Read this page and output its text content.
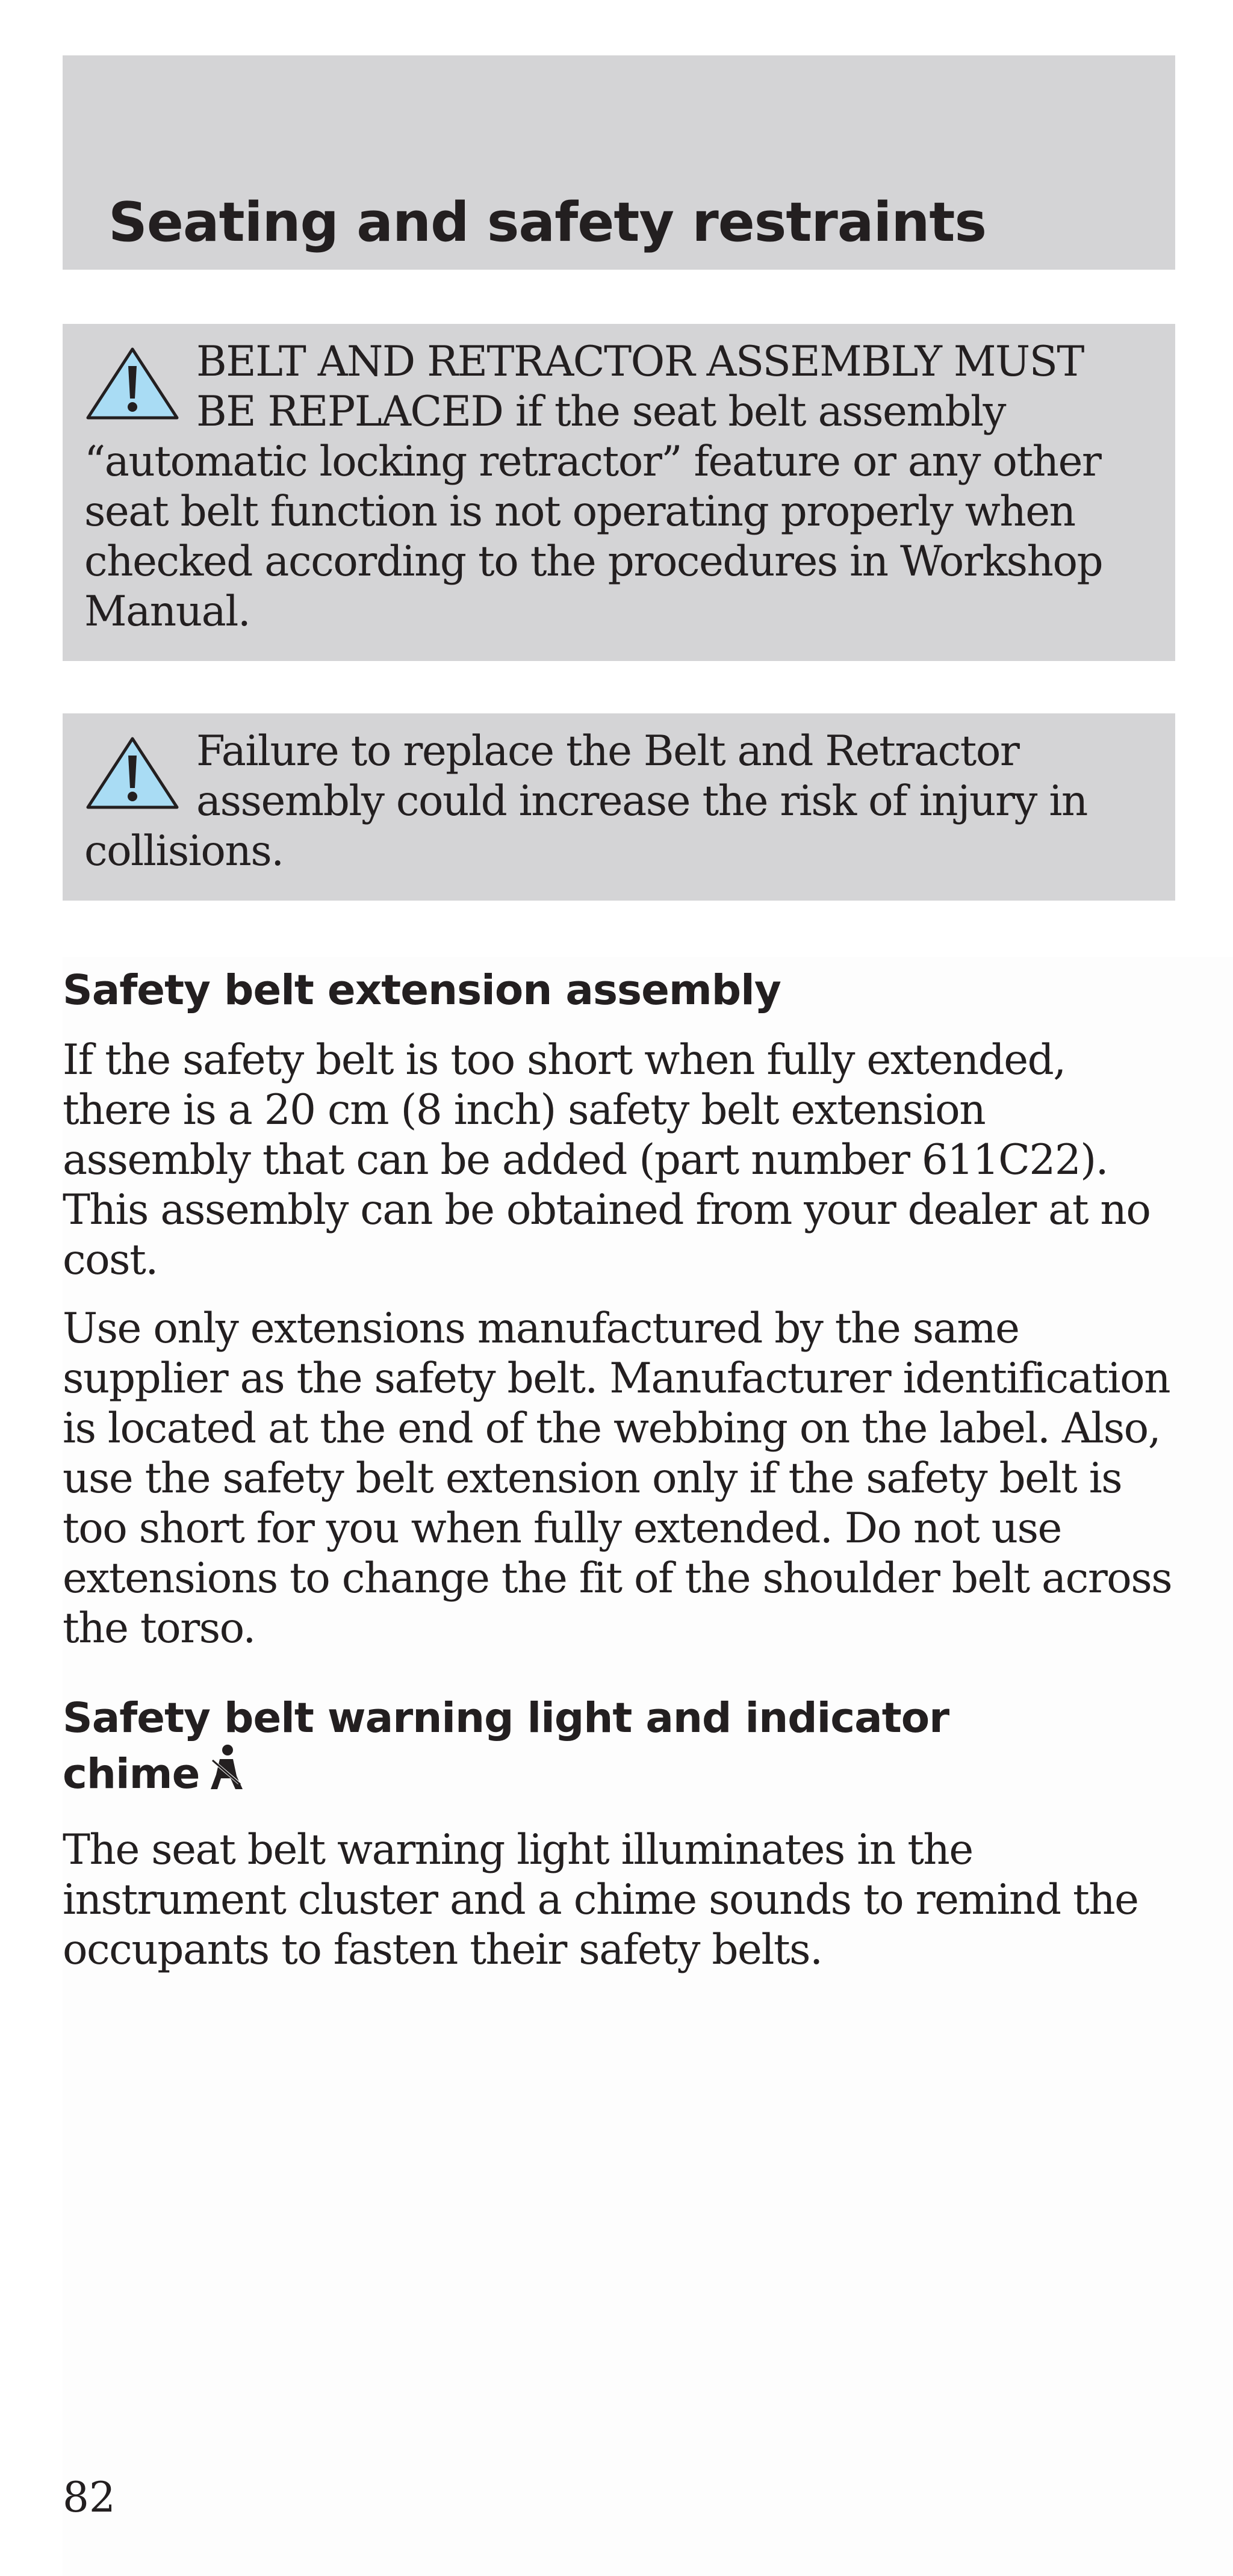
Seating and safety restraints

BELT AND RETRACTOR ASSEMBLY MUST BE REPLACED if the seat belt assembly “automatic locking retractor” feature or any other seat belt function is not operating properly when checked according to the procedures in Workshop Manual.

Failure to replace the Belt and Retractor assembly could increase the risk of injury in collisions.

Safety belt extension assembly

If the safety belt is too short when fully extended, there is a 20 cm (8 inch) safety belt extension assembly that can be added (part number 611C22). This assembly can be obtained from your dealer at no cost.

Use only extensions manufactured by the same supplier as the safety belt. Manufacturer identification is located at the end of the webbing on the label. Also, use the safety belt extension only if the safety belt is too short for you when fully extended. Do not use extensions to change the fit of the shoulder belt across the torso.

Safety belt warning light and indicator
chime

The seat belt warning light illuminates in the instrument cluster and a chime sounds to remind the occupants to fasten their safety belts.

82
